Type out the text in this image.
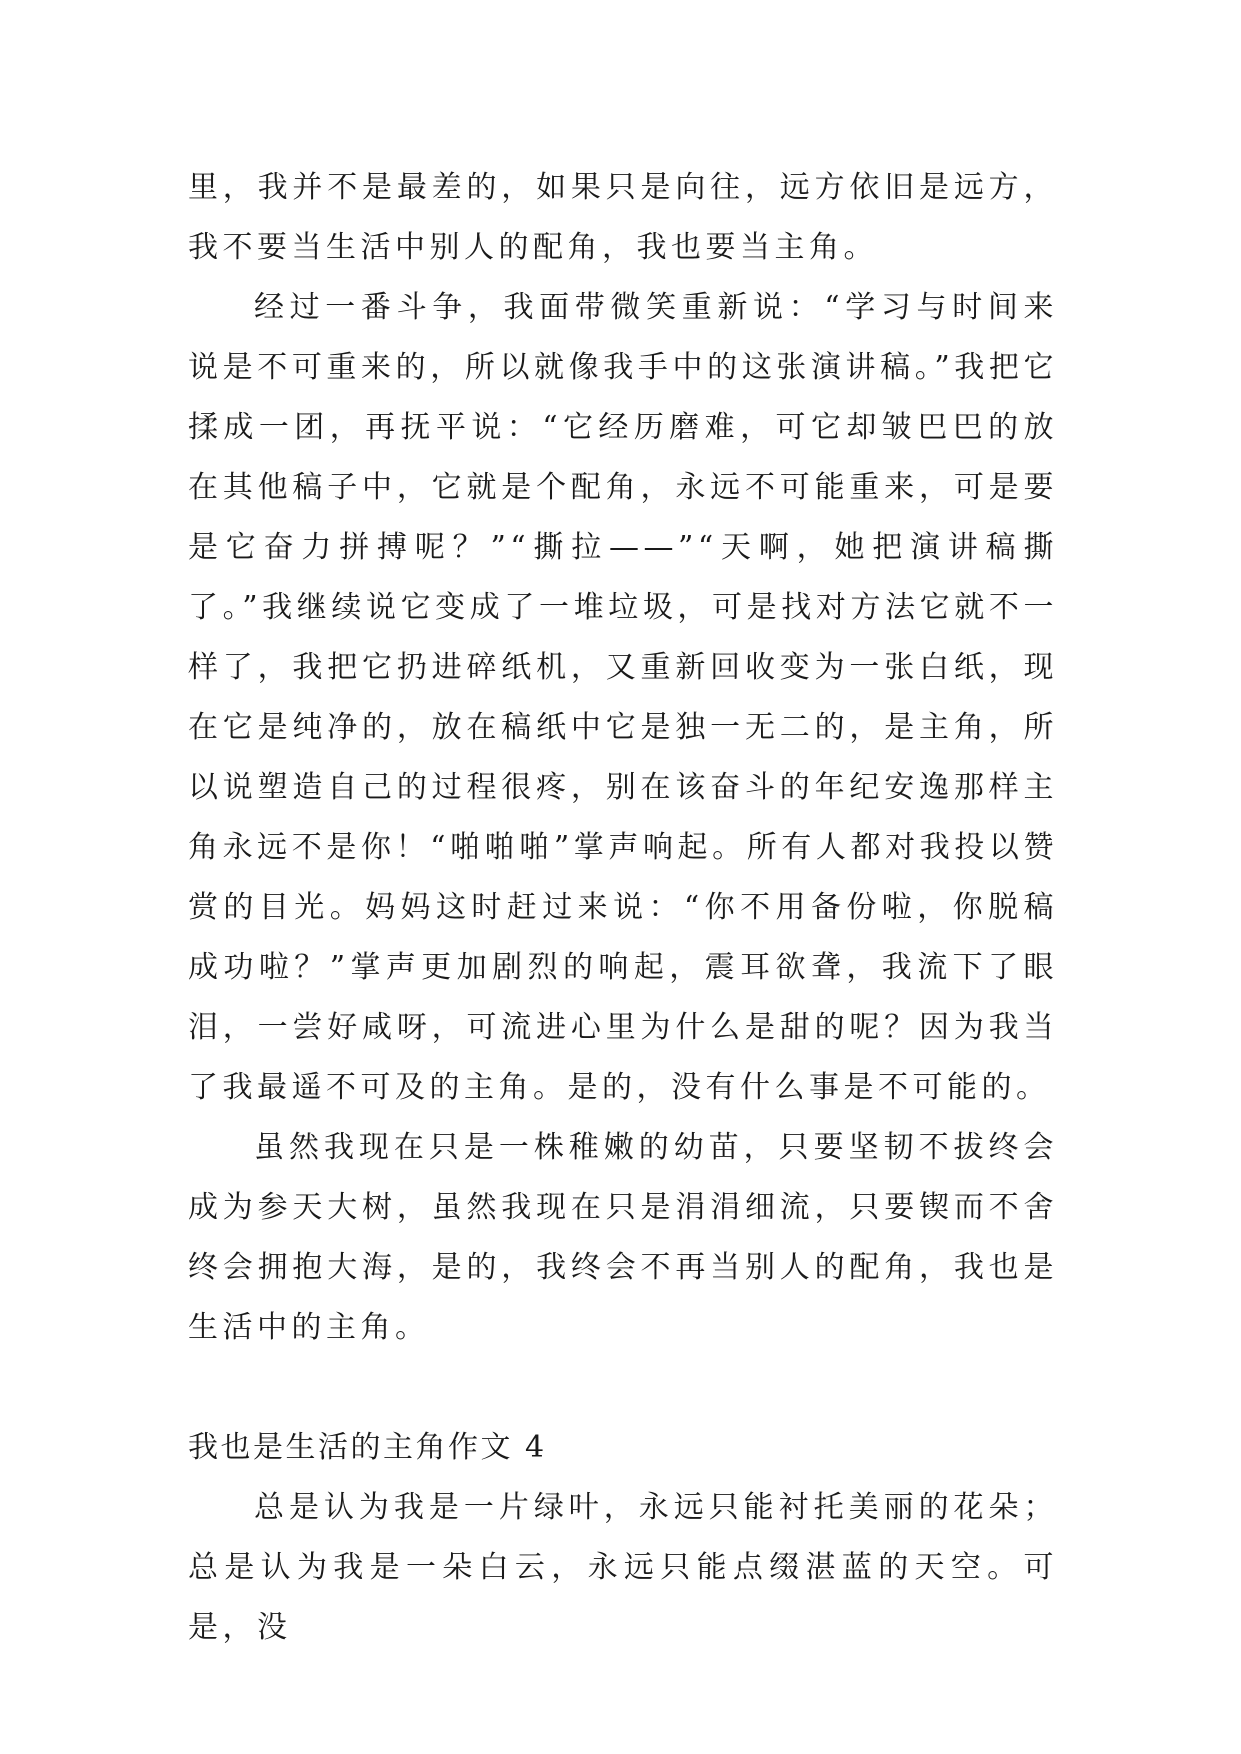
里，我并不是最差的，如果只是向往，远方依旧是远方，我不要当生活中别人的配角，我也要当主角。

经过一番斗争，我面带微笑重新说：“学习与时间来说是不可重来的，所以就像我手中的这张演讲稿。”我把它揉成一团，再抚平说：“它经历磨难，可它却皱巴巴的放在其他稿子中，它就是个配角，永远不可能重来，可是要是它奋力拼搏呢？”“撕拉——”“天啊，她把演讲稿撕了。”我继续说它变成了一堆垃圾，可是找对方法它就不一样了，我把它扔进碎纸机，又重新回收变为一张白纸，现在它是纯净的，放在稿纸中它是独一无二的，是主角，所以说塑造自己的过程很疼，别在该奋斗的年纪安逸那样主角永远不是你！“啪啪啪”掌声响起。所有人都对我投以赞赏的目光。妈妈这时赶过来说：“你不用备份啦，你脱稿成功啦？”掌声更加剧烈的响起，震耳欲聋，我流下了眼泪，一尝好咸呀，可流进心里为什么是甜的呢？因为我当了我最遥不可及的主角。是的，没有什么事是不可能的。

虽然我现在只是一株稚嫩的幼苗，只要坚韧不拔终会成为参天大树，虽然我现在只是涓涓细流，只要锲而不舍终会拥抱大海，是的，我终会不再当别人的配角，我也是生活中的主角。

我也是生活的主角作文 4

总是认为我是一片绿叶，永远只能衬托美丽的花朵；总是认为我是一朵白云，永远只能点缀湛蓝的天空。可是，没
